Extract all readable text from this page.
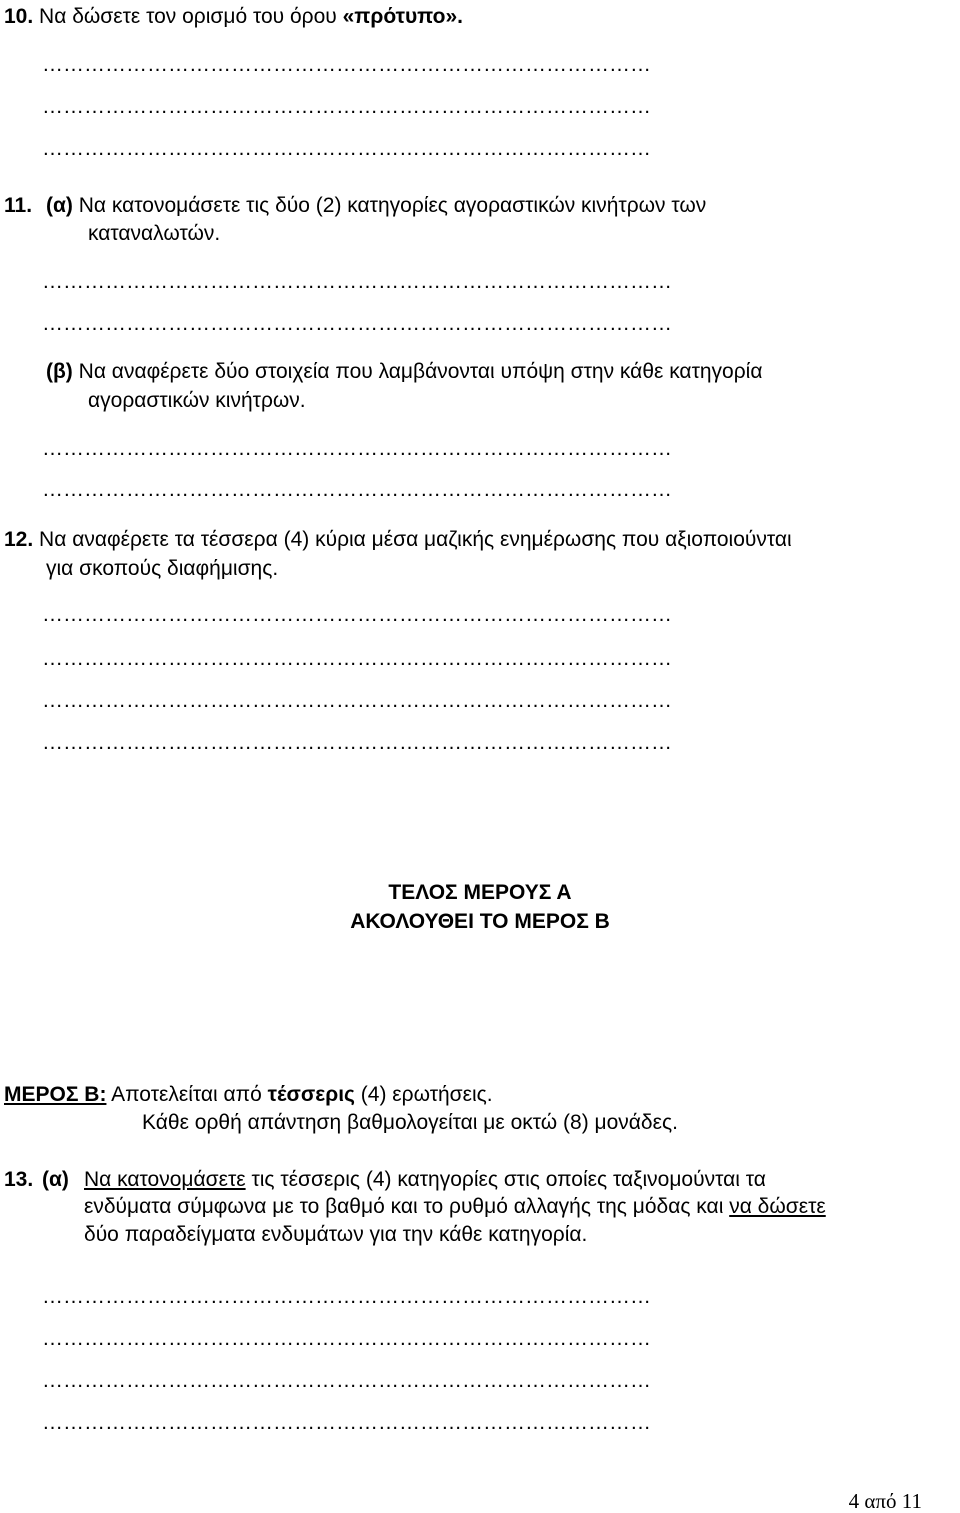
10. Να δώσετε τον ορισμό του όρου «πρότυπο».
……………………………………………………………………………
……………………………………………………………………………
……………………………………………………………………………
11. (α) Να κατονομάσετε τις δύο (2) κατηγορίες αγοραστικών κινήτρων των
καταναλωτών.
………………………………………………………………………………
………………………………………………………………………………
(β) Να αναφέρετε δύο στοιχεία που λαμβάνονται υπόψη στην κάθε κατηγορία
αγοραστικών κινήτρων.
………………………………………………………………………………
………………………………………………………………………………
12. Να αναφέρετε τα τέσσερα (4) κύρια μέσα μαζικής ενημέρωσης που αξιοποιούνται
για σκοπούς διαφήμισης.
………………………………………………………………………………
………………………………………………………………………………
………………………………………………………………………………
………………………………………………………………………………
ΤΕΛΟΣ ΜΕΡΟΥΣ Α
ΑΚΟΛΟΥΘΕΙ ΤΟ ΜΕΡΟΣ Β
ΜΕΡΟΣ Β: Αποτελείται από τέσσερις (4) ερωτήσεις.
Κάθε ορθή απάντηση βαθμολογείται με οκτώ (8) μονάδες.
13. (α) Να κατονομάσετε τις τέσσερις (4) κατηγορίες στις οποίες ταξινομούνται τα
ενδύματα σύμφωνα με το βαθμό και το ρυθμό αλλαγής της μόδας και να δώσετε
δύο παραδείγματα ενδυμάτων για την κάθε κατηγορία.
……………………………………………………………………………
……………………………………………………………………………
……………………………………………………………………………
……………………………………………………………………………
4 από 11
